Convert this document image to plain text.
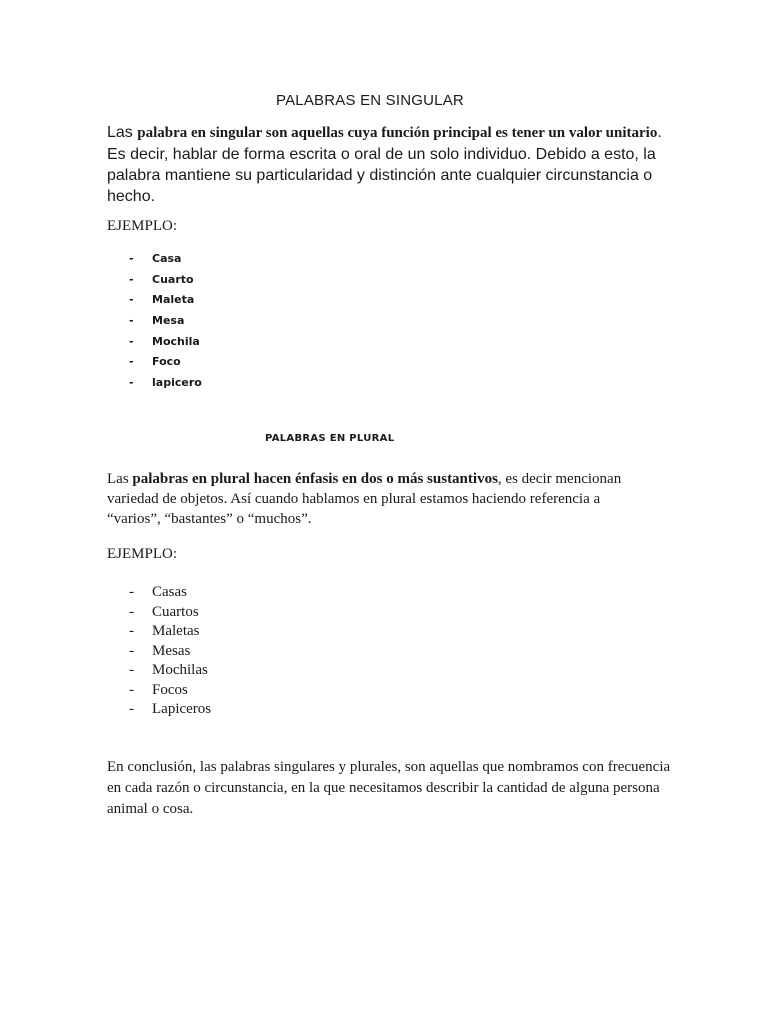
PALABRAS EN SINGULAR

Las palabra en singular son aquellas cuya función principal es tener un valor unitario. Es decir, hablar de forma escrita o oral de un solo individuo. Debido a esto, la palabra mantiene su particularidad y distinción ante cualquier circunstancia o hecho.

EJEMPLO:
- Casa
- Cuarto
- Maleta
- Mesa
- Mochila
- Foco
- lapicero
PALABRAS EN PLURAL

Las palabras en plural hacen énfasis en dos o más sustantivos, es decir mencionan variedad de objetos. Así cuando hablamos en plural estamos haciendo referencia a “varios”, “bastantes” o “muchos”.

EJEMPLO:
- Casas
- Cuartos
- Maletas
- Mesas
- Mochilas
- Focos
- Lapiceros

En conclusión, las palabras singulares y plurales, son aquellas que nombramos con frecuencia en cada razón o circunstancia, en la que necesitamos describir la cantidad de alguna persona animal o cosa.
